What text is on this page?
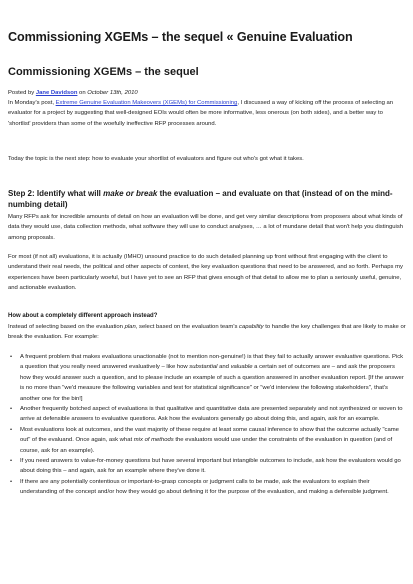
Commissioning XGEMs – the sequel « Genuine Evaluation
Commissioning XGEMs – the sequel
Posted by Jane Davidson on October 13th, 2010
In Monday's post, Extreme Genuine Evaluation Makeovers (XGEMs) for Commissioning, I discussed a way of kicking off the process of selecting an evaluator for a project by suggesting that well-designed EOIs would often be more informative, less onerous (on both sides), and a better way to 'shortlist' providers than some of the woefully ineffective RFP processes around.
Today the topic is the next step: how to evaluate your shortlist of evaluators and figure out who's got what it takes.
Step 2: Identify what will make or break the evaluation – and evaluate on that (instead of on the mind-numbing detail)
Many RFPs ask for incredible amounts of detail on how an evaluation will be done, and get very similar descriptions from proposers about what kinds of data they would use, data collection methods, what software they will use to conduct analyses, … a lot of mundane detail that won't help you distinguish among proposals.
For most (if not all) evaluations, it is actually (IMHO) unsound practice to do such detailed planning up front without first engaging with the client to understand their real needs, the political and other aspects of context, the key evaluation questions that need to be answered, and so forth. Perhaps my experiences have been particularly woeful, but I have yet to see an RFP that gives enough of that detail to allow me to plan a seriously useful, genuine, and actionable evaluation.
How about a completely different approach instead?
Instead of selecting based on the evaluation plan, select based on the evaluation team's capability to handle the key challenges that are likely to make or break the evaluation. For example:
• A frequent problem that makes evaluations unactionable (not to mention non-genuine!) is that they fail to actually answer evaluative questions. Pick a question that you really need answered evaluatively – like how substantial and valuable a certain set of outcomes are – and ask the proposers how they would answer such a question, and to please include an example of such a question answered in another evaluation report. [If the answer is no more than "we'd measure the following variables and test for statistical significance" or "we'd interview the following stakeholders", that's another one for the bin!]
• Another frequently botched aspect of evaluations is that qualitative and quantitative data are presented separately and not synthesized or woven to arrive at defensible answers to evaluative questions. Ask how the evaluators generally go about doing this, and again, ask for an example.
• Most evaluations look at outcomes, and the vast majority of these require at least some causal inference to show that the outcome actually "came out" of the evaluand. Once again, ask what mix of methods the evaluators would use under the constraints of the evaluation in question (and of course, ask for an example).
• If you need answers to value-for-money questions but have several important but intangible outcomes to include, ask how the evaluators would go about doing this – and again, ask for an example where they've done it.
• If there are any potentially contentious or important-to-grasp concepts or judgment calls to be made, ask the evaluators to explain their understanding of the concept and/or how they would go about defining it for the purpose of the evaluation, and making a defensible judgment.
